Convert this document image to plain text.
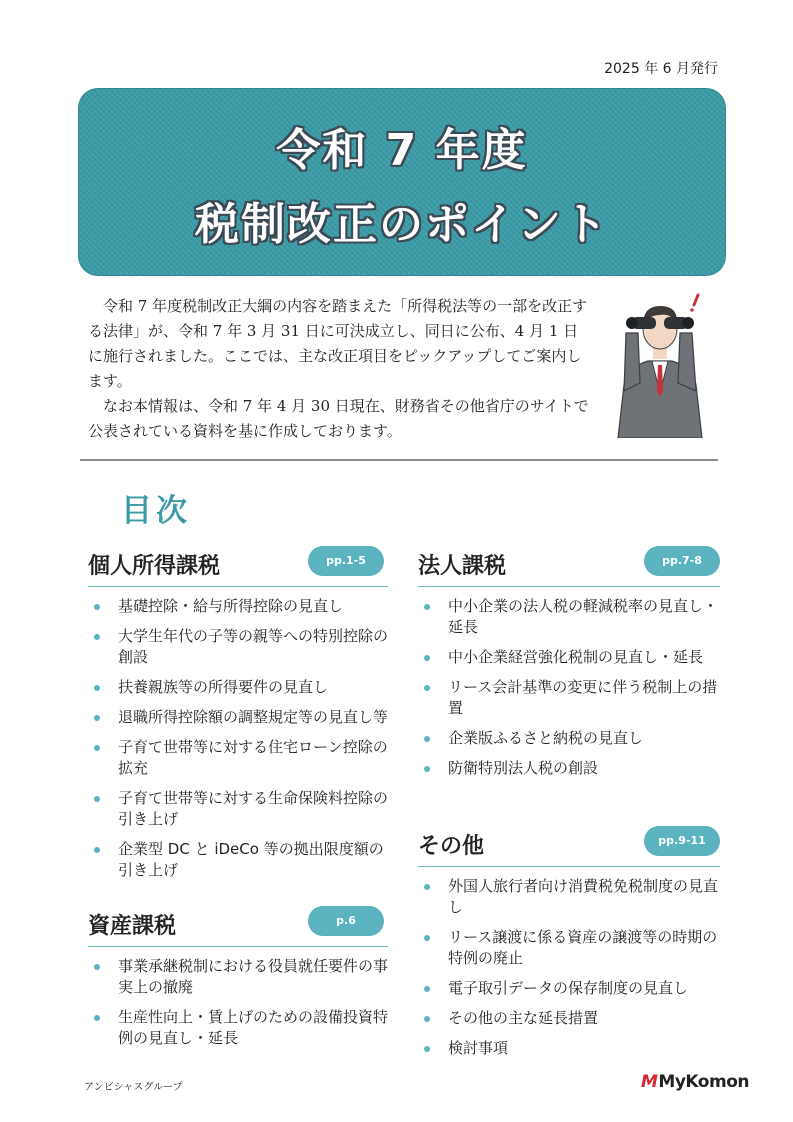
2025 年 6 月発行
令和 7 年度
税制改正のポイント

令和 7 年度税制改正大綱の内容を踏まえた「所得税法等の一部を改正する法律」が、令和 7 年 3 月 31 日に可決成立し、同日に公布、4 月 1 日に施行されました。ここでは、主な改正項目をピックアップしてご案内します。

なお本情報は、令和 7 年 4 月 30 日現在、財務省その他省庁のサイトで公表されている資料を基に作成しております。

目次
個人所得課税	pp.1-5
基礎控除・給与所得控除の見直し
大学生年代の子等の親等への特別控除の創設
扶養親族等の所得要件の見直し
退職所得控除額の調整規定等の見直し等
子育て世帯等に対する住宅ローン控除の拡充
子育て世帯等に対する生命保険料控除の引き上げ
企業型 DC と iDeCo 等の拠出限度額の引き上げ
資産課税	p.6
事業承継税制における役員就任要件の事実上の撤廃
生産性向上・賃上げのための設備投資特例の見直し・延長
法人課税	pp.7-8
中小企業の法人税の軽減税率の見直し・延長
中小企業経営強化税制の見直し・延長
リース会計基準の変更に伴う税制上の措置
企業版ふるさと納税の見直し
防衛特別法人税の創設
その他	pp.9-11
外国人旅行者向け消費税免税制度の見直し
リース譲渡に係る資産の譲渡等の時期の特例の廃止
電子取引データの保存制度の見直し
その他の主な延長措置
検討事項
アンビシャスグループ	MMyKomon
